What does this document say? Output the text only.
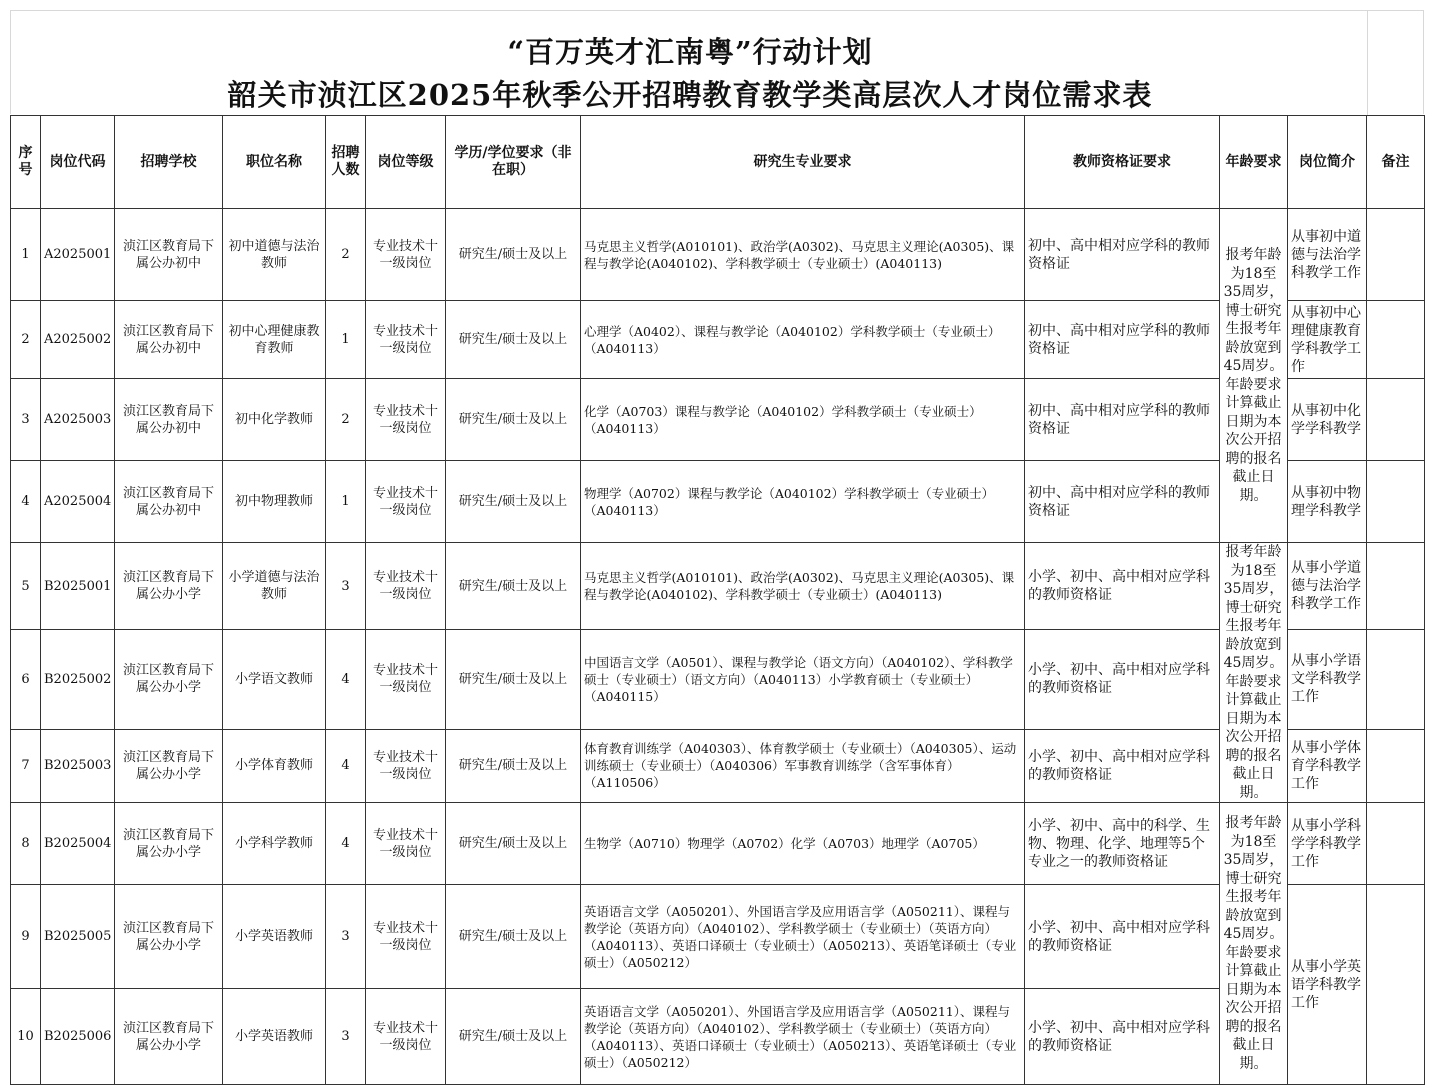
“百万英才汇南粤”行动计划
韶关市浈江区2025年秋季公开招聘教育教学类高层次人才岗位需求表
序号	岗位代码	招聘学校	职位名称	招聘人数	岗位等级	学历/学位要求（非在职）	研究生专业要求	教师资格证要求	年龄要求	岗位简介	备注
1	A2025001	浈江区教育局下属公办初中	初中道德与法治教师	2	专业技术十一级岗位	研究生/硕士及以上	马克思主义哲学(A010101)、政治学(A0302)、马克思主义理论(A0305)、课程与教学论(A040102)、学科教学硕士（专业硕士）(A040113)	初中、高中相对应学科的教师资格证	报考年龄为18至35周岁，博士研究生报考年龄放宽到45周岁。年龄要求计算截止日期为本次公开招聘的报名截止日期。	从事初中道德与法治学科教学工作	
2	A2025002	浈江区教育局下属公办初中	初中心理健康教育教师	1	专业技术十一级岗位	研究生/硕士及以上	心理学（A0402）、课程与教学论（A040102）学科教学硕士（专业硕士）（A040113）	初中、高中相对应学科的教师资格证		从事初中心理健康教育学科教学工作	
3	A2025003	浈江区教育局下属公办初中	初中化学教师	2	专业技术十一级岗位	研究生/硕士及以上	化学（A0703）课程与教学论（A040102）学科教学硕士（专业硕士）（A040113）	初中、高中相对应学科的教师资格证		从事初中化学学科教学	
4	A2025004	浈江区教育局下属公办初中	初中物理教师	1	专业技术十一级岗位	研究生/硕士及以上	物理学（A0702）课程与教学论（A040102）学科教学硕士（专业硕士）（A040113）	初中、高中相对应学科的教师资格证		从事初中物理学科教学	
5	B2025001	浈江区教育局下属公办小学	小学道德与法治教师	3	专业技术十一级岗位	研究生/硕士及以上	马克思主义哲学(A010101)、政治学(A0302)、马克思主义理论(A0305)、课程与教学论(A040102)、学科教学硕士（专业硕士）(A040113)	小学、初中、高中相对应学科的教师资格证	报考年龄为18至35周岁，博士研究生报考年龄放宽到45周岁。年龄要求计算截止日期为本次公开招聘的报名截止日期。	从事小学道德与法治学科教学工作	
6	B2025002	浈江区教育局下属公办小学	小学语文教师	4	专业技术十一级岗位	研究生/硕士及以上	中国语言文学（A0501）、课程与教学论（语文方向）（A040102）、学科教学硕士（专业硕士）（语文方向）（A040113）小学教育硕士（专业硕士）（A040115）	小学、初中、高中相对应学科的教师资格证		从事小学语文学科教学工作	
7	B2025003	浈江区教育局下属公办小学	小学体育教师	4	专业技术十一级岗位	研究生/硕士及以上	体育教育训练学（A040303）、体育教学硕士（专业硕士）（A040305）、运动训练硕士（专业硕士）（A040306）军事教育训练学（含军事体育）（A110506）	小学、初中、高中相对应学科的教师资格证		从事小学体育学科教学工作	
8	B2025004	浈江区教育局下属公办小学	小学科学教师	4	专业技术十一级岗位	研究生/硕士及以上	生物学（A0710）物理学（A0702）化学（A0703）地理学（A0705）	小学、初中、高中的科学、生物、物理、化学、地理等5个专业之一的教师资格证	报考年龄为18至35周岁，博士研究生报考年龄放宽到45周岁。年龄要求计算截止日期为本次公开招聘的报名截止日期。	从事小学科学学科教学工作	
9	B2025005	浈江区教育局下属公办小学	小学英语教师	3	专业技术十一级岗位	研究生/硕士及以上	英语语言文学（A050201）、外国语言学及应用语言学（A050211）、课程与教学论（英语方向）（A040102）、学科教学硕士（专业硕士）（英语方向）（A040113）、英语口译硕士（专业硕士）（A050213）、英语笔译硕士（专业硕士）（A050212）	小学、初中、高中相对应学科的教师资格证		从事小学英语学科教学工作	
10	B2025006	浈江区教育局下属公办小学	小学英语教师	3	专业技术十一级岗位	研究生/硕士及以上	英语语言文学（A050201）、外国语言学及应用语言学（A050211）、课程与教学论（英语方向）（A040102）、学科教学硕士（专业硕士）（英语方向）（A040113）、英语口译硕士（专业硕士）（A050213）、英语笔译硕士（专业硕士）（A050212）	小学、初中、高中相对应学科的教师资格证			
